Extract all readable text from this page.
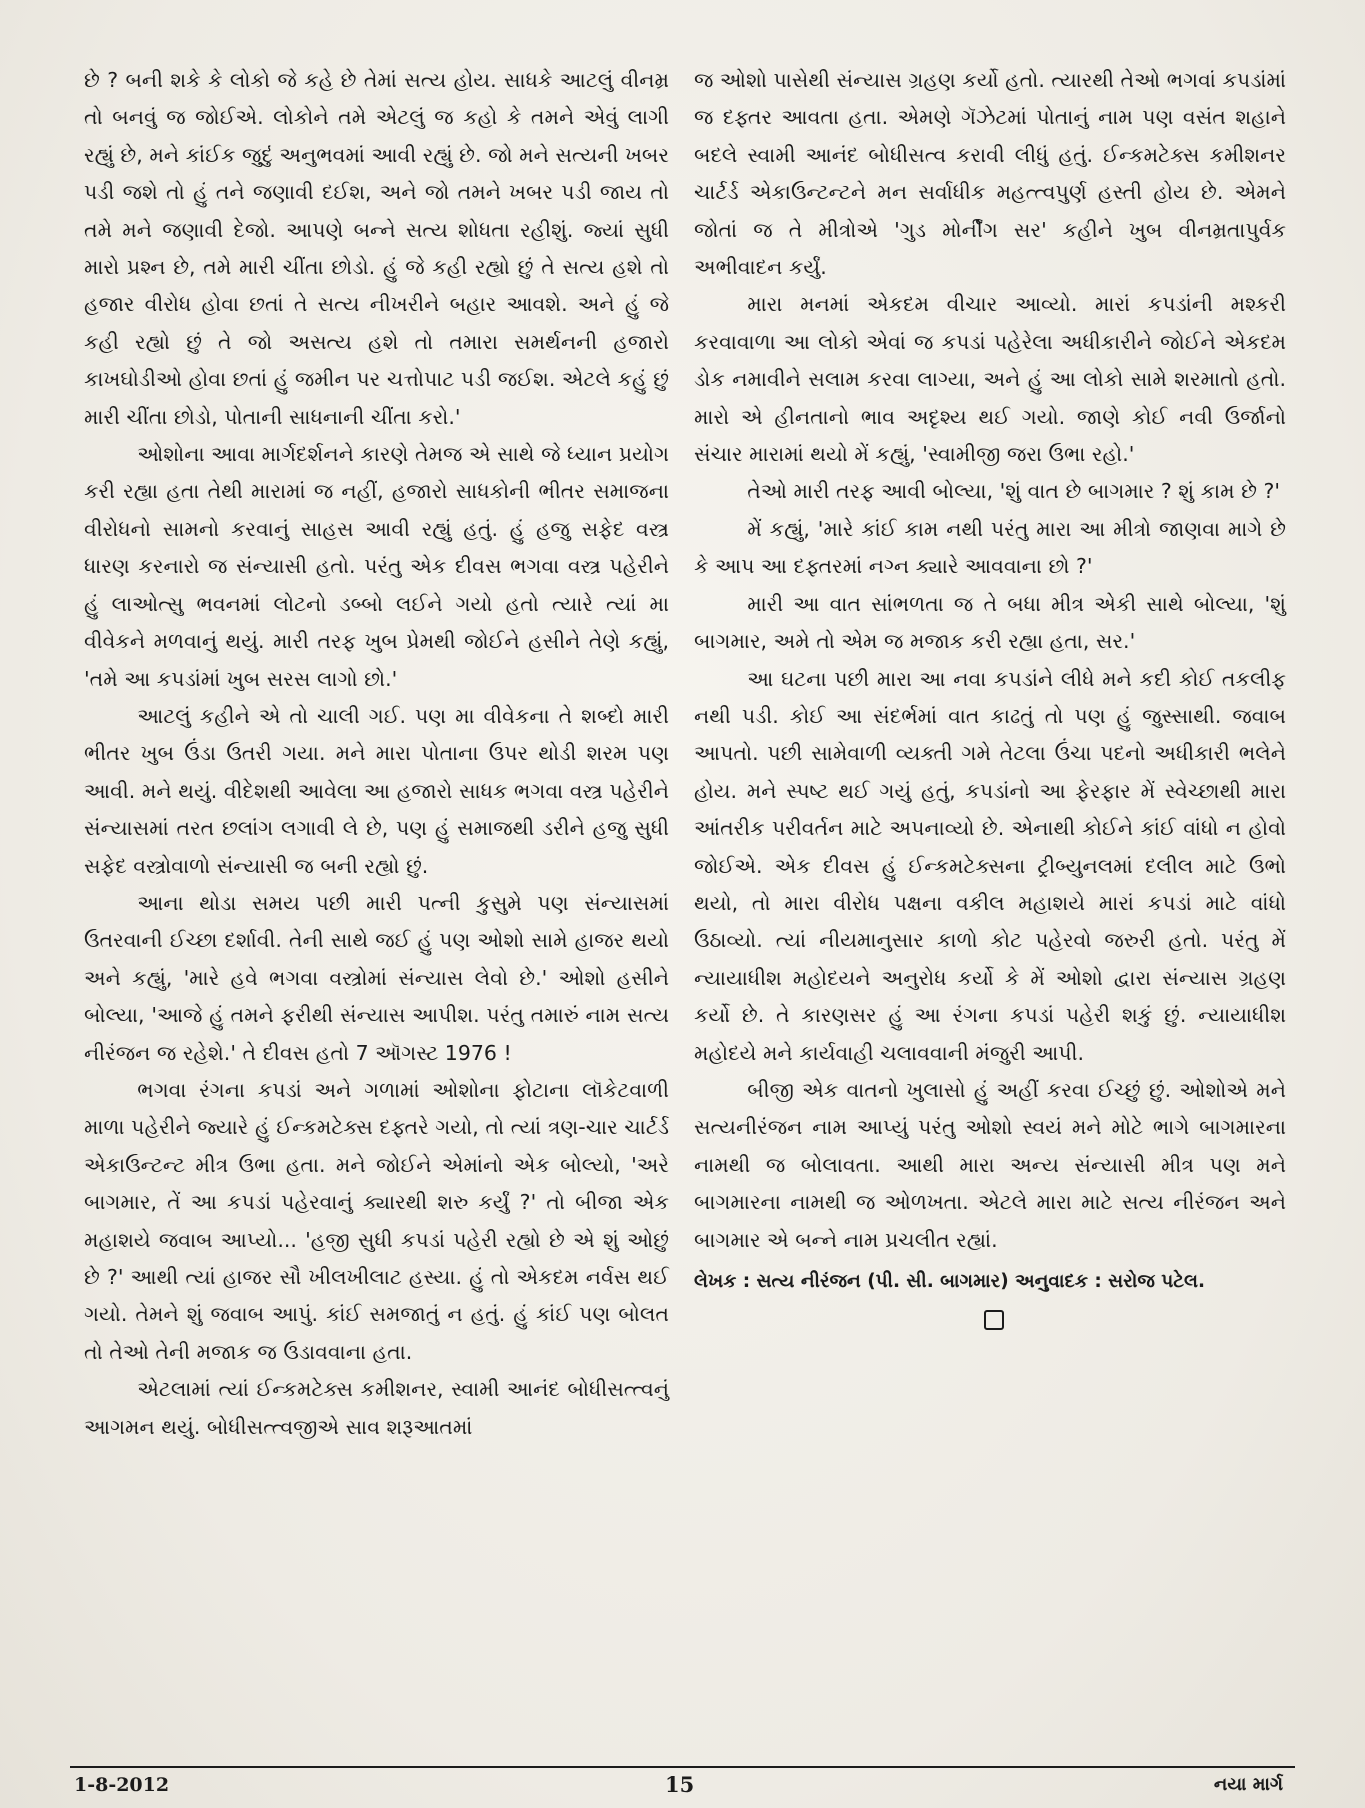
છે ? બની શકે કે લોકો જે કહે છે તેમાં સત્ય હોય. સાધકે આટલું વીનમ્ર તો બનવું જ જોઈએ. લોકોને તમે એટલું જ કહો કે તમને એવું લાગી રહ્યું છે, મને કાંઈક જુદું અનુભવમાં આવી રહ્યું છે. જો મને સત્યની ખબર પડી જશે તો હું તને જણાવી દઈશ, અને જો તમને ખબર પડી જાય તો તમે મને જણાવી દેજો. આપણે બન્ને સત્ય શોધતા રહીશું. જ્યાં સુધી મારો પ્રશ્ન છે, તમે મારી ચીંતા છોડો. હું જે કહી રહ્યો છું તે સત્ય હશે તો હજાર વીરોધ હોવા છતાં તે સત્ય નીખરીને બહાર આવશે. અને હું જે કહી રહ્યો છું તે જો અસત્ય હશે તો તમારા સમર્થનની હજારો કાખઘોડીઓ હોવા છતાં હું જમીન પર ચત્તોપાટ પડી જઈશ. એટલે કહું છું મારી ચીંતા છોડો, પોતાની સાધનાની ચીંતા કરો.'

ઓશોના આવા માર્ગદર્શનને કારણે તેમજ એ સાથે જે ધ્યાન પ્રયોગ કરી રહ્યા હતા તેથી મારામાં જ નહીં, હજારો સાધકોની ભીતર સમાજના વીરોધનો સામનો કરવાનું સાહસ આવી રહ્યું હતું. હું હજુ સફેદ વસ્ત્ર ધારણ કરનારો જ સંન્યાસી હતો. પરંતુ એક દીવસ ભગવા વસ્ત્ર પહેરીને હું લાઓત્સુ ભવનમાં લોટનો ડબ્બો લઈને ગયો હતો ત્યારે ત્યાં મા વીવેકને મળવાનું થયું. મારી તરફ ખુબ પ્રેમથી જોઈને હસીને તેણે કહ્યું, 'તમે આ કપડાંમાં ખુબ સરસ લાગો છો.'

આટલું કહીને એ તો ચાલી ગઈ. પણ મા વીવેકના તે શબ્દો મારી ભીતર ખુબ ઉંડા ઉતરી ગયા. મને મારા પોતાના ઉપર થોડી શરમ પણ આવી. મને થયું. વીદેશથી આવેલા આ હજારો સાધક ભગવા વસ્ત્ર પહેરીને સંન્યાસમાં તરત છલાંગ લગાવી લે છે, પણ હું સમાજથી ડરીને હજુ સુધી સફેદ વસ્ત્રોવાળો સંન્યાસી જ બની રહ્યો છું.

આના થોડા સમય પછી મારી પત્ની કુસુમે પણ સંન્યાસમાં ઉતરવાની ઈચ્છા દર્શાવી. તેની સાથે જઈ હું પણ ઓશો સામે હાજર થયો અને કહ્યું, 'મારે હવે ભગવા વસ્ત્રોમાં સંન્યાસ લેવો છે.' ઓશો હસીને બોલ્યા, 'આજે હું તમને ફરીથી સંન્યાસ આપીશ. પરંતુ તમારું નામ સત્ય નીરંજન જ રહેશે.' તે દીવસ હતો 7 ઑગસ્ટ 1976 !

ભગવા રંગના કપડાં અને ગળામાં ઓશોના ફોટાના લૉકેટવાળી માળા પહેરીને જ્યારે હું ઈન્કમટેક્સ દફ્તરે ગયો, તો ત્યાં ત્રણ-ચાર ચાર્ટર્ડ એકાઉન્ટન્ટ મીત્ર ઉભા હતા. મને જોઈને એમાંનો એક બોલ્યો, 'અરે બાગમાર, તેં આ કપડાં પહેરવાનું ક્યારથી શરુ કર્યું ?' તો બીજા એક મહાશયે જવાબ આપ્યો... 'હજી સુધી કપડાં પહેરી રહ્યો છે એ શું ઓછું છે ?' આથી ત્યાં હાજર સૌ ખીલખીલાટ હસ્યા. હું તો એકદમ નર્વસ થઈ ગયો. તેમને શું જવાબ આપું. કાંઈ સમજાતું ન હતું. હું કાંઈ પણ બોલત તો તેઓ તેની મજાક જ ઉડાવવાના હતા.

એટલામાં ત્યાં ઈન્કમટેક્સ કમીશનર, સ્વામી આનંદ બોધીસત્ત્વનું આગમન થયું. બોધીસત્ત્વજીએ સાવ શરૂઆતમાં

જ ઓશો પાસેથી સંન્યાસ ગ્રહણ કર્યો હતો. ત્યારથી તેઓ ભગવાં કપડાંમાં જ દફ્તર આવતા હતા. એમણે ગૅઝેટમાં પોતાનું નામ પણ વસંત શહાને બદલે સ્વામી આનંદ બોધીસત્વ કરાવી લીધું હતું. ઈન્કમટેક્સ કમીશનર ચાર્ટર્ડ એકાઉન્ટન્ટને મન સર્વાધીક મહત્ત્વપુર્ણ હસ્તી હોય છે. એમને જોતાં જ તે મીત્રોએ 'ગુડ મોર્નીંગ સર' કહીને ખુબ વીનમ્રતાપુર્વક અભીવાદન કર્યું.

મારા મનમાં એકદમ વીચાર આવ્યો. મારાં કપડાંની મશ્કરી કરવાવાળા આ લોકો એવાં જ કપડાં પહેરેલા અધીકારીને જોઈને એકદમ ડોક નમાવીને સલામ કરવા લાગ્યા, અને હું આ લોકો સામે શરમાતો હતો. મારો એ હીનતાનો ભાવ અદૃશ્ય થઈ ગયો. જાણે કોઈ નવી ઉર્જાનો સંચાર મારામાં થયો મેં કહ્યું, 'સ્વામીજી જરા ઉભા રહો.'

તેઓ મારી તરફ આવી બોલ્યા, 'શું વાત છે બાગમાર ? શું કામ છે ?'

મેં કહ્યું, 'મારે કાંઈ કામ નથી પરંતુ મારા આ મીત્રો જાણવા માગે છે કે આપ આ દફ્તરમાં નગ્ન ક્યારે આવવાના છો ?'

મારી આ વાત સાંભળતા જ તે બધા મીત્ર એકી સાથે બોલ્યા, 'શું બાગમાર, અમે તો એમ જ મજાક કરી રહ્યા હતા, સર.'

આ ઘટના પછી મારા આ નવા કપડાંને લીધે મને કદી કોઈ તકલીફ નથી પડી. કોઈ આ સંદર્ભમાં વાત કાઢતું તો પણ હું જુસ્સાથી. જવાબ આપતો. પછી સામેવાળી વ્યક્તી ગમે તેટલા ઉંચા પદનો અધીકારી ભલેને હોય. મને સ્પષ્ટ થઈ ગયું હતું, કપડાંનો આ ફેરફાર મેં સ્વેચ્છાથી મારા આંતરીક પરીવર્તન માટે અપનાવ્યો છે. એનાથી કોઈને કાંઈ વાંધો ન હોવો જોઈએ. એક દીવસ હું ઈન્કમટેક્સના ટ્રીબ્યુનલમાં દલીલ માટે ઉભો થયો, તો મારા વીરોધ પક્ષના વકીલ મહાશયે મારાં કપડાં માટે વાંધો ઉઠાવ્યો. ત્યાં નીયમાનુસાર કાળો કોટ પહેરવો જરુરી હતો. પરંતુ મેં ન્યાયાધીશ મહોદયને અનુરોધ કર્યો કે મેં ઓશો દ્વારા સંન્યાસ ગ્રહણ કર્યો છે. તે કારણસર હું આ રંગના કપડાં પહેરી શકું છું. ન્યાયાધીશ મહોદયે મને કાર્યવાહી ચલાવવાની મંજુરી આપી.

બીજી એક વાતનો ખુલાસો હું અહીં કરવા ઈચ્છું છું. ઓશોએ મને સત્યનીરંજન નામ આપ્યું પરંતુ ઓશો સ્વયં મને મોટે ભાગે બાગમારના નામથી જ બોલાવતા. આથી મારા અન્ય સંન્યાસી મીત્ર પણ મને બાગમારના નામથી જ ઓળખતા. એટલે મારા માટે સત્ય નીરંજન અને બાગમાર એ બન્ને નામ પ્રચલીત રહ્યાં.

લેખક : સત્ય નીરંજન (પી. સી. બાગમાર) અનુવાદક : સરોજ પટેલ.

1-8-2012	15	નયા માર્ગ
